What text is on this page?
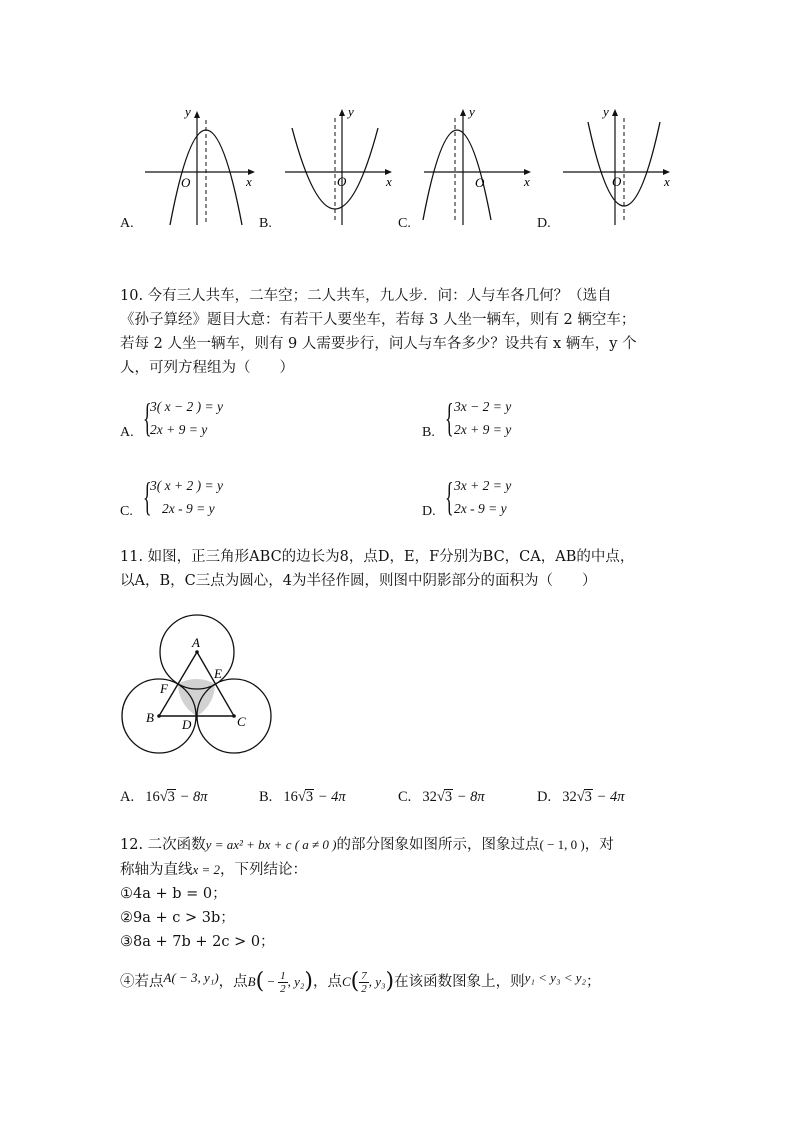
y
x
O
A.
y
x
O
B.
y
x
O
C.
y
x
O
D.
10. 今有三人共车，二车空；二人共车，九人步．问：人与车各几何？（选自
《孙子算经》题目大意：有若干人要坐车，若每 3 人坐一辆车，则有 2 辆空车；
若每 2 人坐一辆车，则有 9 人需要步行，问人与车各多少？设共有 x 辆车，y 个
人，可列方程组为（　　）
A. {
3( x − 2 ) = y
2x + 9 = y	B. { 3x − 2 = y
2x + 9 = y
C. {
3( x + 2 ) = y
2x - 9 = y	D. { 3x + 2 = y
2x - 9 = y
11. 如图，正三角形ABC的边长为8，点D，E，F分别为BC，CA，AB的中点，
以A，B，C三点为圆心，4为半径作圆，则图中阴影部分的面积为（　　）
A
B	C
D
E
F
A. 16√3 − 8π	B. 16√3 − 4π	C. 32√3 − 8π	D. 32√3 − 4π
12. 二次函数y = ax² + bx + c ( a ≠ 0 )的部分图象如图所示，图象过点( − 1, 0 )，对
称轴为直线x = 2，下列结论：
①4a + b = 0；
②9a + c > 3b；
③8a + 7b + 2c > 0；
④若点A( − 3, y₁)，点$B( - \frac{1}{2}$ , y₂)，点$C( \frac{7}{2}$ , y₃)在该函数图象上，则y₁ < y₃ < y₂；
